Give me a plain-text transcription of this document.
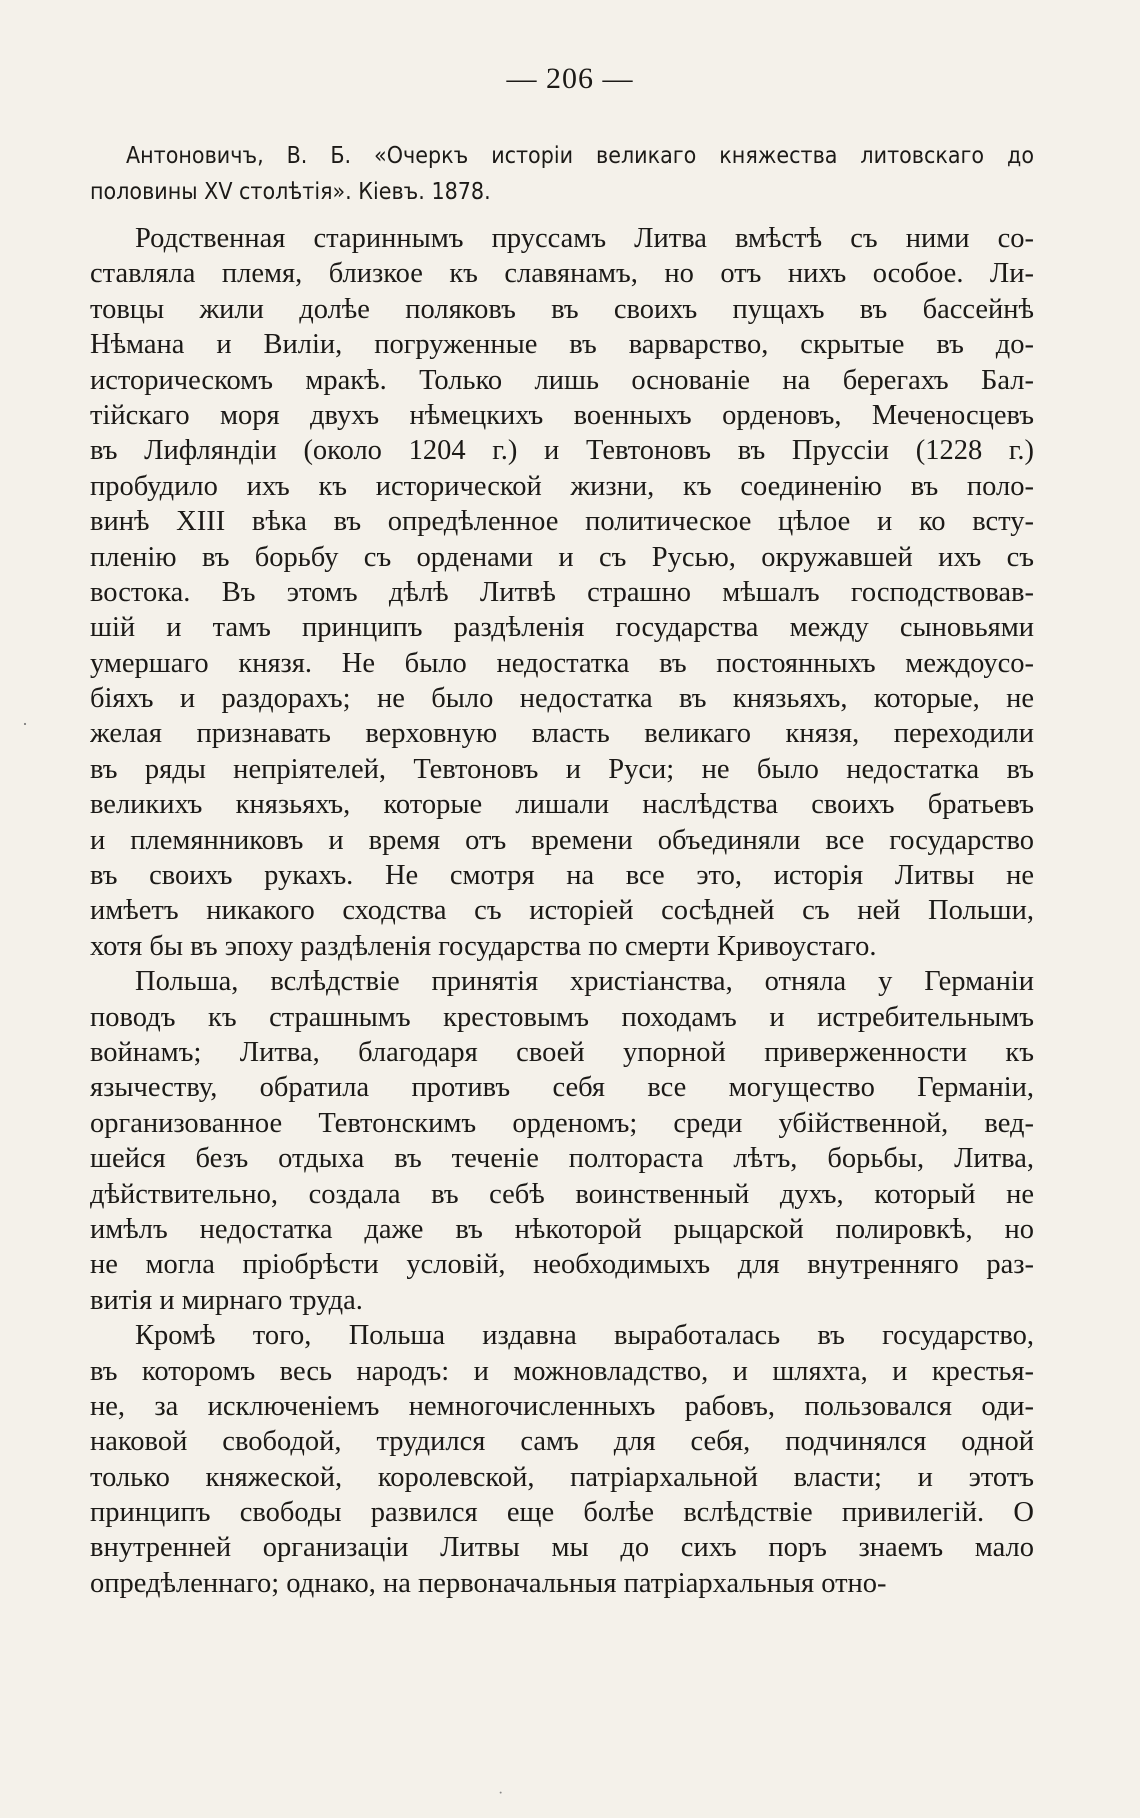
— 206 —
Антоновичъ, В. Б. «Очеркъ исторіи великаго княжества литовскаго до
половины XV столѣтія». Кіевъ. 1878.
Родственная стариннымъ пруссамъ Литва вмѣстѣ съ ними со-
ставляла племя, близкое къ славянамъ, но отъ нихъ особое. Ли-
товцы жили долѣе поляковъ въ своихъ пущахъ въ бассейнѣ
Нѣмана и Виліи, погруженные въ варварство, скрытые въ до-
историческомъ мракѣ. Только лишь основаніе на берегахъ Бал-
тійскаго моря двухъ нѣмецкихъ военныхъ орденовъ, Меченосцевъ
въ Лифляндіи (около 1204 г.) и Тевтоновъ въ Пруссіи (1228 г.)
пробудило ихъ къ исторической жизни, къ соединенію въ поло-
винѣ XIII вѣка въ опредѣленное политическое цѣлое и ко всту-
пленію въ борьбу съ орденами и съ Русью, окружавшей ихъ съ
востока. Въ этомъ дѣлѣ Литвѣ страшно мѣшалъ господствовав-
шій и тамъ принципъ раздѣленія государства между сыновьями
умершаго князя. Не было недостатка въ постоянныхъ междоусо-
біяхъ и раздорахъ; не было недостатка въ князьяхъ, которые, не
желая признавать верховную власть великаго князя, переходили
въ ряды непріятелей, Тевтоновъ и Руси; не было недостатка въ
великихъ князьяхъ, которые лишали наслѣдства своихъ братьевъ
и племянниковъ и время отъ времени объединяли все государство
въ своихъ рукахъ. Не смотря на все это, исторія Литвы не
имѣетъ никакого сходства съ исторіей сосѣдней съ ней Польши,
хотя бы въ эпоху раздѣленія государства по смерти Кривоустаго.
Польша, вслѣдствіе принятія христіанства, отняла у Германіи
поводъ къ страшнымъ крестовымъ походамъ и истребительнымъ
войнамъ; Литва, благодаря своей упорной приверженности къ
язычеству, обратила противъ себя все могущество Германіи,
организованное Тевтонскимъ орденомъ; среди убійственной, вед-
шейся безъ отдыха въ теченіе полтораста лѣтъ, борьбы, Литва,
дѣйствительно, создала въ себѣ воинственный духъ, который не
имѣлъ недостатка даже въ нѣкоторой рыцарской полировкѣ, но
не могла пріобрѣсти условій, необходимыхъ для внутренняго раз-
витія и мирнаго труда.
Кромѣ того, Польша издавна выработалась въ государство,
въ которомъ весь народъ: и можновладство, и шляхта, и крестья-
не, за исключеніемъ немногочисленныхъ рабовъ, пользовался оди-
наковой свободой, трудился самъ для себя, подчинялся одной
только княжеской, королевской, патріархальной власти; и этотъ
принципъ свободы развился еще болѣе вслѣдствіе привилегій. О
внутренней организаціи Литвы мы до сихъ поръ знаемъ мало
опредѣленнаго; однако, на первоначальныя патріархальныя отно-
·
·
